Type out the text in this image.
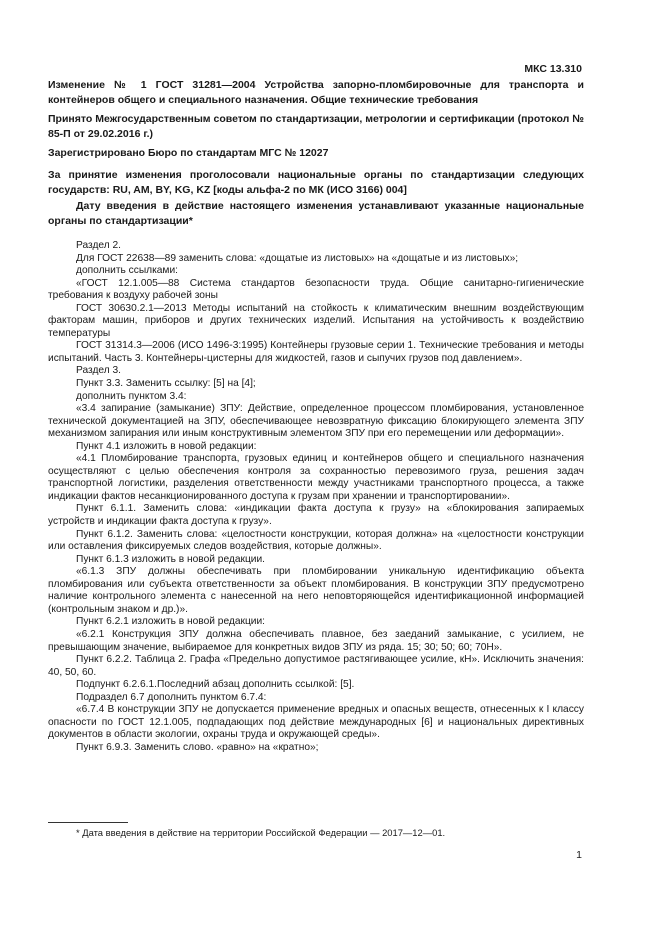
МКС 13.310
Изменение № 1 ГОСТ 31281—2004 Устройства запорно-пломбировочные для транспорта и контейнеров общего и специального назначения. Общие технические требования
Принято Межгосударственным советом по стандартизации, метрологии и сертификации (протокол № 85-П от 29.02.2016 г.)
Зарегистрировано Бюро по стандартам МГС № 12027
За принятие изменения проголосовали национальные органы по стандартизации следующих государств: RU, AM, BY, KG, KZ [коды альфа-2 по МК (ИСО 3166) 004]
Дату введения в действие настоящего изменения устанавливают указанные национальные органы по стандартизации*

Раздел 2.

Для ГОСТ 22638—89 заменить слова: «дощатые из листовых» на «дощатые и из листовых»;

дополнить ссылками:

«ГОСТ 12.1.005—88 Система стандартов безопасности труда. Общие санитарно-гигиенические требования к воздуху рабочей зоны

ГОСТ 30630.2.1—2013 Методы испытаний на стойкость к климатическим внешним воздействующим факторам машин, приборов и других технических изделий. Испытания на устойчивость к воздействию температуры

ГОСТ 31314.3—2006 (ИСО 1496-3:1995) Контейнеры грузовые серии 1. Технические требования и методы испытаний. Часть 3. Контейнеры-цистерны для жидкостей, газов и сыпучих грузов под давлением».

Раздел 3.

Пункт 3.3. Заменить ссылку: [5] на [4];

дополнить пунктом 3.4:

«3.4 запирание (замыкание) ЗПУ: Действие, определенное процессом пломбирования, установленное технической документацией на ЗПУ, обеспечивающее невозвратную фиксацию блокирующего элемента ЗПУ механизмом запирания или иным конструктивным элементом ЗПУ при его перемещении или деформации».

Пункт 4.1 изложить в новой редакции:

«4.1 Пломбирование транспорта, грузовых единиц и контейнеров общего и специального назначения осуществляют с целью обеспечения контроля за сохранностью перевозимого груза, решения задач транспортной логистики, разделения ответственности между участниками транспортного процесса, а также индикации фактов несанкционированного доступа к грузам при хранении и транспортировании».

Пункт 6.1.1. Заменить слова: «индикации факта доступа к грузу» на «блокирования запираемых устройств и индикации факта доступа к грузу».

Пункт 6.1.2. Заменить слова: «целостности конструкции, которая должна» на «целостности конструкции или оставления фиксируемых следов воздействия, которые должны».

Пункт 6.1.3 изложить в новой редакции.

«6.1.3 ЗПУ должны обеспечивать при пломбировании уникальную идентификацию объекта пломбирования или субъекта ответственности за объект пломбирования. В конструкции ЗПУ предусмотрено наличие контрольного элемента с нанесенной на него неповторяющейся идентификационной информацией (контрольным знаком и др.)».

Пункт 6.2.1 изложить в новой редакции:

«6.2.1 Конструкция ЗПУ должна обеспечивать плавное, без заеданий замыкание, с усилием, не превышающим значение, выбираемое для конкретных видов ЗПУ из ряда. 15; 30; 50; 60; 70Н».

Пункт 6.2.2. Таблица 2. Графа «Предельно допустимое растягивающее усилие, кН». Исключить значения: 40, 50, 60.

Подпункт 6.2.6.1.Последний абзац дополнить ссылкой: [5].

Подраздел 6.7 дополнить пунктом 6.7.4:

«6.7.4 В конструкции ЗПУ не допускается применение вредных и опасных веществ, отнесенных к I классу опасности по ГОСТ 12.1.005, подпадающих под действие международных [6] и национальных директивных документов в области экологии, охраны труда и окружающей среды».

Пункт 6.9.3. Заменить слово. «равно» на «кратно»;

* Дата введения в действие на территории Российской Федерации — 2017—12—01.
1
